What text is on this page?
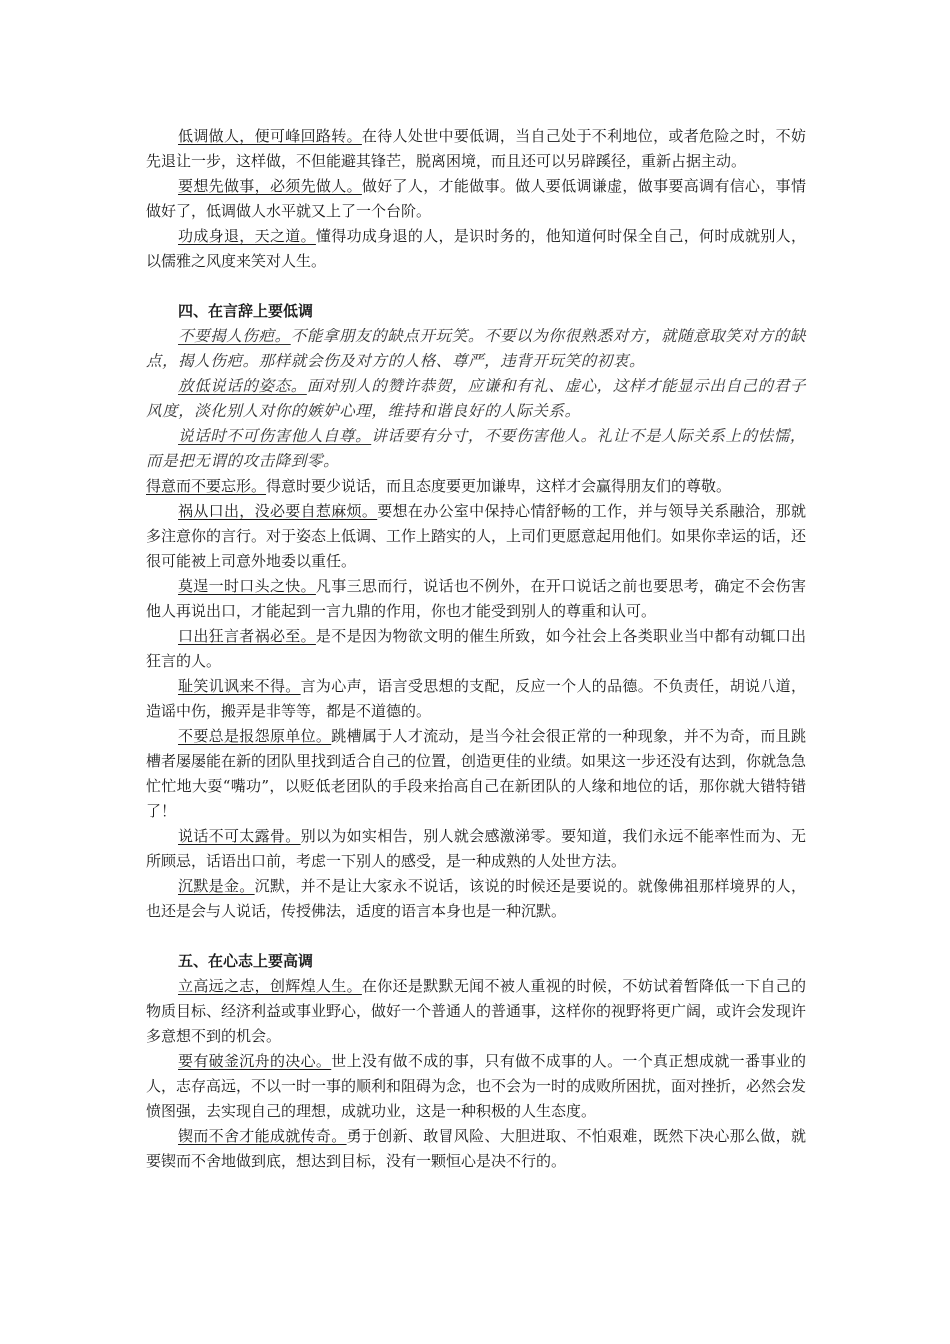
低调做人，便可峰回路转。在待人处世中要低调，当自己处于不利地位，或者危险之时，不妨先退让一步，这样做，不但能避其锋芒，脱离困境，而且还可以另辟蹊径，重新占据主动。

要想先做事，必须先做人。做好了人，才能做事。做人要低调谦虚，做事要高调有信心，事情做好了，低调做人水平就又上了一个台阶。

功成身退，天之道。懂得功成身退的人，是识时务的，他知道何时保全自己，何时成就别人，以儒雅之风度来笑对人生。

四、在言辞上要低调

不要揭人伤疤。不能拿朋友的缺点开玩笑。不要以为你很熟悉对方，就随意取笑对方的缺点，揭人伤疤。那样就会伤及对方的人格、尊严，违背开玩笑的初衷。

放低说话的姿态。面对别人的赞许恭贺，应谦和有礼、虚心，这样才能显示出自己的君子风度，淡化别人对你的嫉妒心理，维持和谐良好的人际关系。

说话时不可伤害他人自尊。讲话要有分寸，不要伤害他人。礼让不是人际关系上的怯懦，而是把无谓的攻击降到零。

得意而不要忘形。得意时要少说话，而且态度要更加谦卑，这样才会赢得朋友们的尊敬。

祸从口出，没必要自惹麻烦。要想在办公室中保持心情舒畅的工作，并与领导关系融洽，那就多注意你的言行。对于姿态上低调、工作上踏实的人，上司们更愿意起用他们。如果你幸运的话，还很可能被上司意外地委以重任。

莫逞一时口头之快。凡事三思而行，说话也不例外，在开口说话之前也要思考，确定不会伤害他人再说出口，才能起到一言九鼎的作用，你也才能受到别人的尊重和认可。

口出狂言者祸必至。是不是因为物欲文明的催生所致，如今社会上各类职业当中都有动辄口出狂言的人。

耻笑讥讽来不得。言为心声，语言受思想的支配，反应一个人的品德。不负责任，胡说八道，造谣中伤，搬弄是非等等，都是不道德的。

不要总是报怨原单位。跳槽属于人才流动，是当今社会很正常的一种现象，并不为奇，而且跳槽者屡屡能在新的团队里找到适合自己的位置，创造更佳的业绩。如果这一步还没有达到，你就急急忙忙地大耍“嘴功”，以贬低老团队的手段来抬高自己在新团队的人缘和地位的话，那你就大错特错了！

说话不可太露骨。别以为如实相告，别人就会感激涕零。要知道，我们永远不能率性而为、无所顾忌，话语出口前，考虑一下别人的感受，是一种成熟的人处世方法。

沉默是金。沉默，并不是让大家永不说话，该说的时候还是要说的。就像佛祖那样境界的人，也还是会与人说话，传授佛法，适度的语言本身也是一种沉默。

五、在心志上要高调

立高远之志，创辉煌人生。在你还是默默无闻不被人重视的时候，不妨试着暂降低一下自己的物质目标、经济利益或事业野心，做好一个普通人的普通事，这样你的视野将更广阔，或许会发现许多意想不到的机会。

要有破釜沉舟的决心。世上没有做不成的事，只有做不成事的人。一个真正想成就一番事业的人，志存高远，不以一时一事的顺利和阻碍为念，也不会为一时的成败所困扰，面对挫折，必然会发愤图强，去实现自己的理想，成就功业，这是一种积极的人生态度。

锲而不舍才能成就传奇。勇于创新、敢冒风险、大胆进取、不怕艰难，既然下决心那么做，就要锲而不舍地做到底，想达到目标，没有一颗恒心是决不行的。
